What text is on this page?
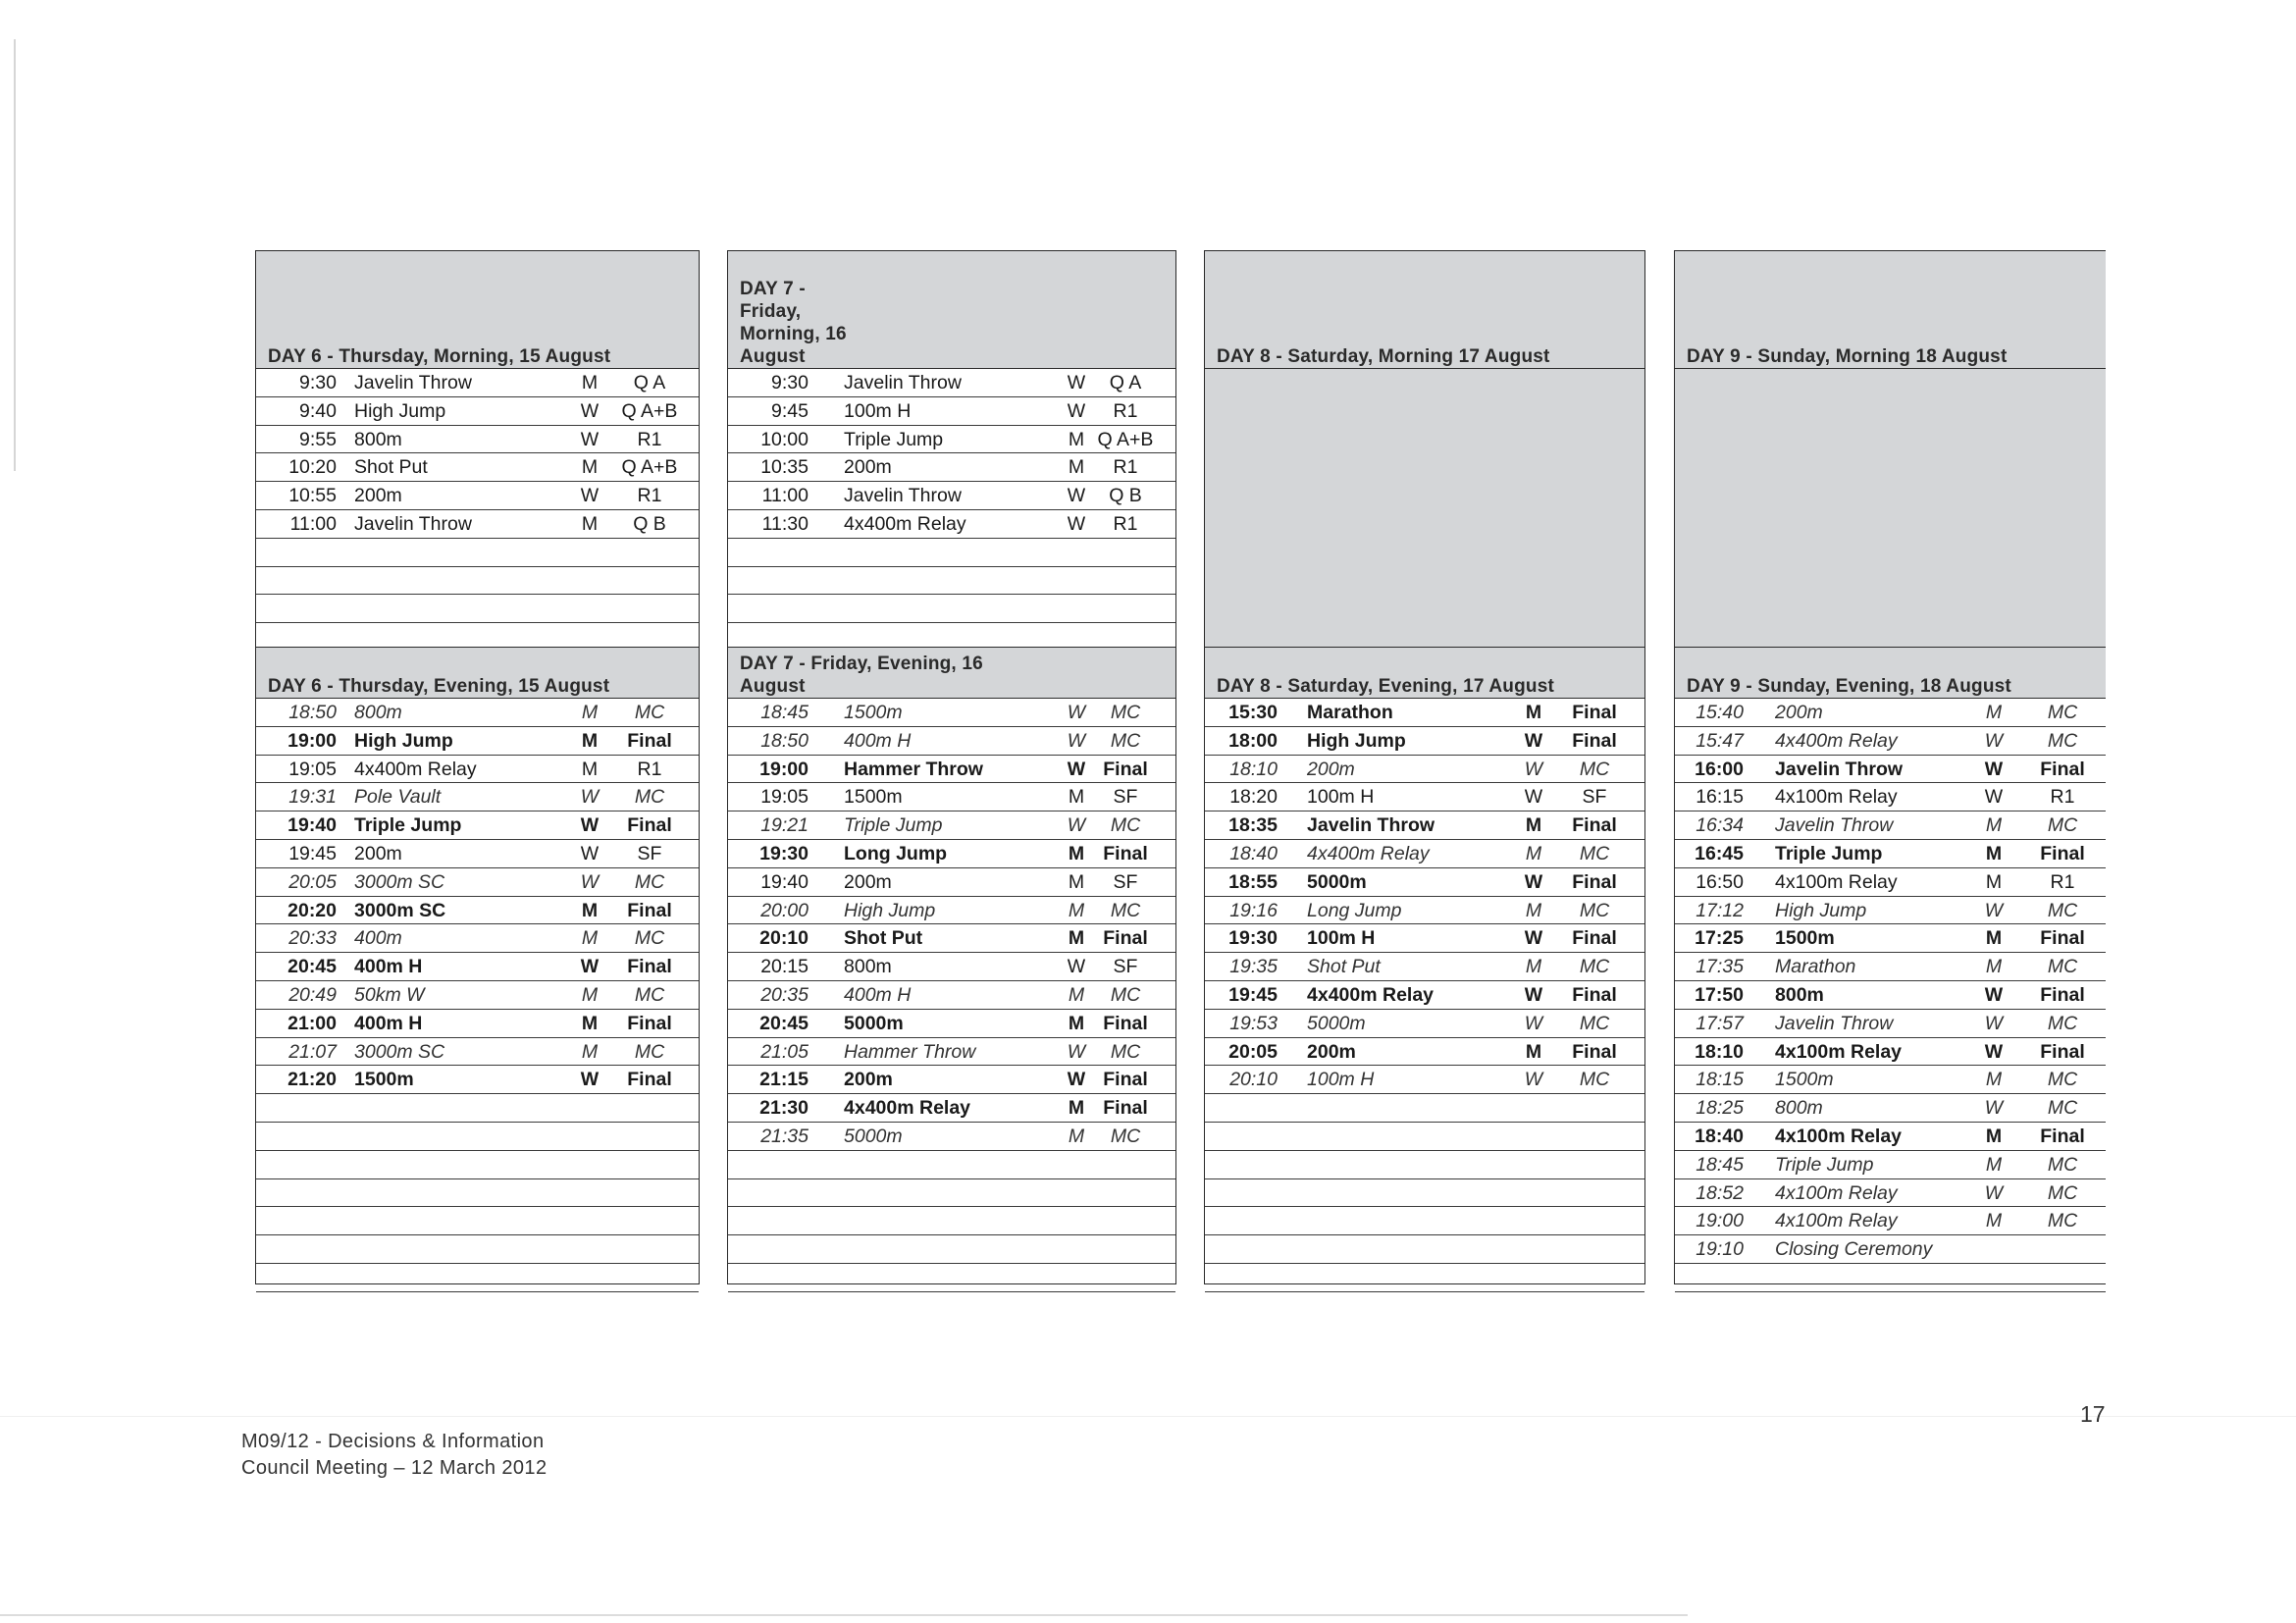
DAY 6 - Thursday, Morning, 15 August
9:30 Javelin Throw	M	Q A
9:40 High Jump	W	Q A+B
9:55 800m	W	R1
10:20 Shot Put	M	Q A+B
10:55 200m	W	R1
11:00 Javelin Throw	M	Q B
DAY 6 - Thursday, Evening, 15 August
18:50 800m	M	MC
19:00 High Jump	M	Final
19:05 4x400m Relay	M	R1
19:31 Pole Vault	W	MC
19:40 Triple Jump	W	Final
19:45 200m	W	SF
20:05 3000m SC	W	MC
20:20 3000m SC	M	Final
20:33 400m	M	MC
20:45 400m H	W	Final
20:49 50km W	M	MC
21:00 400m H	M	Final
21:07 3000m SC	M	MC
21:20 1500m	W	Final
DAY 7 - Friday, Morning, 16 August
9:30 Javelin Throw	W	Q A
9:45 100m H	W	R1
10:00 Triple Jump	M Q A+B
10:35 200m	M	R1
11:00 Javelin Throw	W	Q B
11:30 4x400m Relay	W	R1
DAY 7 - Friday, Evening, 16 August
18:45 1500m	W	MC
18:50 400m H	W	MC
19:00 Hammer Throw	W Final
19:05 1500m	M	SF
19:21 Triple Jump	W	MC
19:30 Long Jump	M Final
19:40 200m	M	SF
20:00 High Jump	M	MC
20:10 Shot Put	M Final
20:15 800m	W	SF
20:35 400m H	M	MC
20:45 5000m	M Final
21:05 Hammer Throw	W	MC
21:15 200m	W Final
21:30 4x400m Relay	M Final
21:35 5000m	M	MC
DAY 8 - Saturday, Morning 17 August
DAY 8 - Saturday, Evening, 17 August
15:30 Marathon	M	Final
18:00 High Jump	W	Final
18:10 200m	W	MC
18:20 100m H	W	SF
18:35 Javelin Throw	M	Final
18:40 4x400m Relay	M	MC
18:55 5000m	W	Final
19:16 Long Jump	M	MC
19:30 100m H	W	Final
19:35 Shot Put	M	MC
19:45 4x400m Relay	W	Final
19:53 5000m	W	MC
20:05 200m	M	Final
20:10 100m H	W	MC
DAY 9 - Sunday, Morning 18 August
DAY 9 - Sunday, Evening, 18 August
15:40 200m	M	MC
15:47 4x400m Relay	W	MC
16:00 Javelin Throw	W	Final
16:15 4x100m Relay	W	R1
16:34 Javelin Throw	M	MC
16:45 Triple Jump	M	Final
16:50 4x100m Relay	M	R1
17:12 High Jump	W	MC
17:25 1500m	M	Final
17:35 Marathon	M	MC
17:50 800m	W	Final
17:57 Javelin Throw	W	MC
18:10 4x100m Relay	W	Final
18:15 1500m	M	MC
18:25 800m	W	MC
18:40 4x100m Relay	M	Final
18:45 Triple Jump	M	MC
18:52 4x100m Relay	W	MC
19:00 4x100m Relay	M	MC
19:10 Closing Ceremony
M09/12 - Decisions & Information
Council Meeting – 12 March 2012
17
